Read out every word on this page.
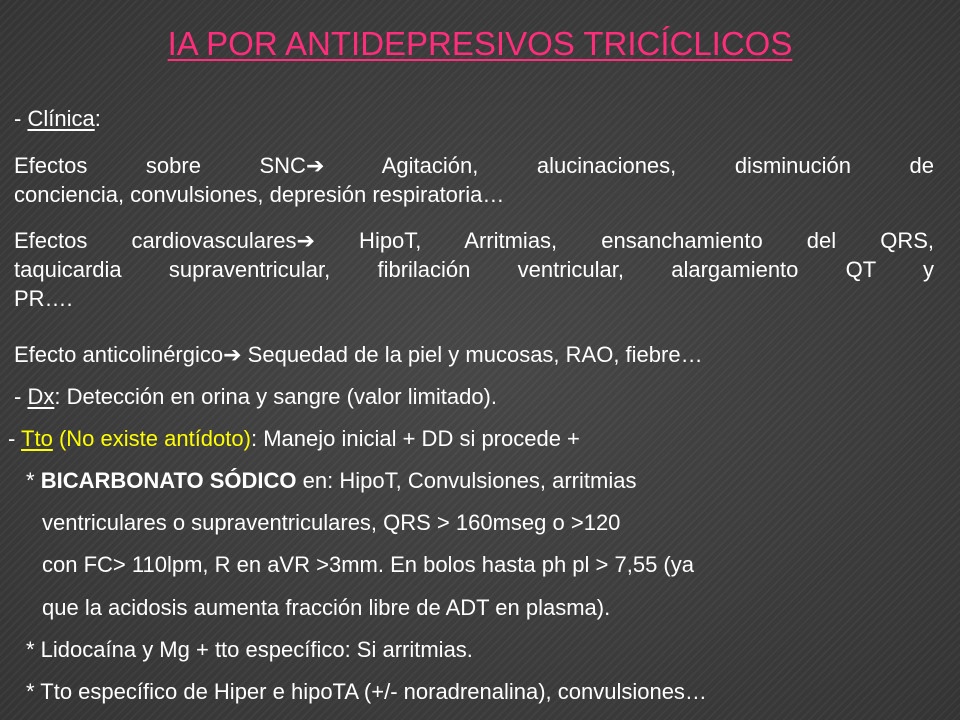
IA POR ANTIDEPRESIVOS TRICÍCLICOS

- Clínica:

Efectos sobre SNC➔ Agitación, alucinaciones, disminución de
conciencia, convulsiones, depresión respiratoria…
Efectos cardiovasculares➔ HipoT, Arritmias, ensanchamiento del QRS,
taquicardia supraventricular, fibrilación ventricular, alargamiento QT y
PR….

Efecto anticolinérgico➔ Sequedad de la piel y mucosas, RAO, fiebre…

- Dx: Detección en orina y sangre (valor limitado).

- Tto (No existe antídoto): Manejo inicial + DD si procede +

* BICARBONATO SÓDICO en: HipoT, Convulsiones, arritmias

ventriculares o supraventriculares, QRS > 160mseg o >120

con FC> 110lpm, R en aVR >3mm. En bolos hasta ph pl > 7,55 (ya

que la acidosis aumenta fracción libre de ADT en plasma).

* Lidocaína y Mg + tto específico: Si arritmias.

* Tto específico de Hiper e hipoTA (+/- noradrenalina), convulsiones…
